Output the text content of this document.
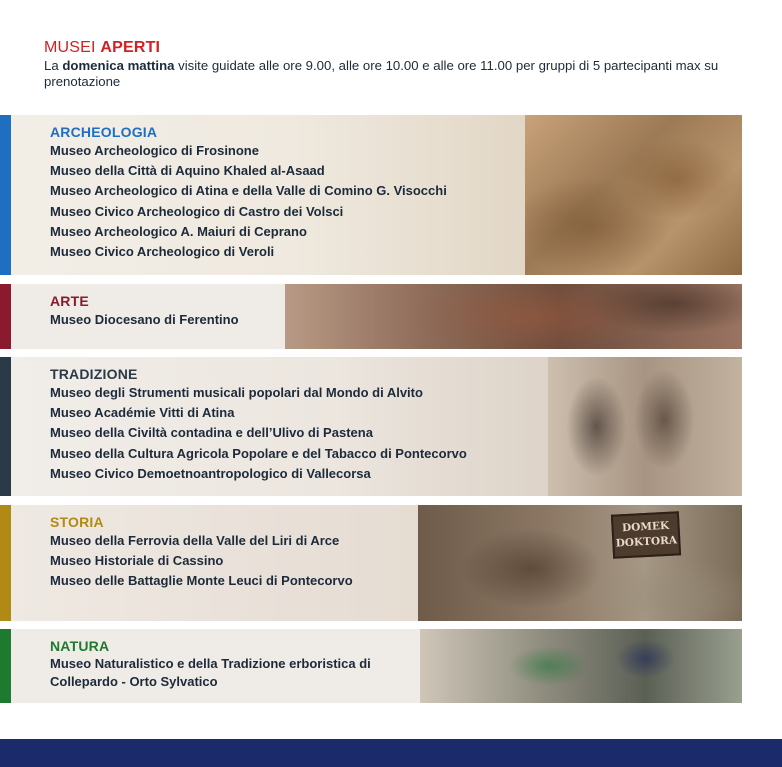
MUSEI APERTI
La domenica mattina visite guidate alle ore 9.00, alle ore 10.00 e alle ore 11.00 per gruppi di 5 partecipanti max su prenotazione
ARCHEOLOGIA
Museo Archeologico di Frosinone
Museo della Città di Aquino Khaled al-Asaad
Museo Archeologico di Atina e della Valle di Comino G. Visocchi
Museo Civico Archeologico di Castro dei Volsci
Museo Archeologico A. Maiuri di Ceprano
Museo Civico Archeologico di Veroli
ARTE
Museo Diocesano di Ferentino
TRADIZIONE
Museo degli Strumenti musicali popolari dal Mondo di Alvito
Museo Académie Vitti di Atina
Museo della Civiltà contadina e dell’Ulivo di Pastena
Museo della Cultura Agricola Popolare e del Tabacco di Pontecorvo
Museo Civico Demoetnoantropologico di Vallecorsa
DOMEK DOKTORA
STORIA
Museo della Ferrovia della Valle del Liri di Arce
Museo Historiale di Cassino
Museo delle Battaglie Monte Leuci di Pontecorvo
NATURA
Museo Naturalistico e della Tradizione erboristica di Collepardo - Orto Sylvatico
